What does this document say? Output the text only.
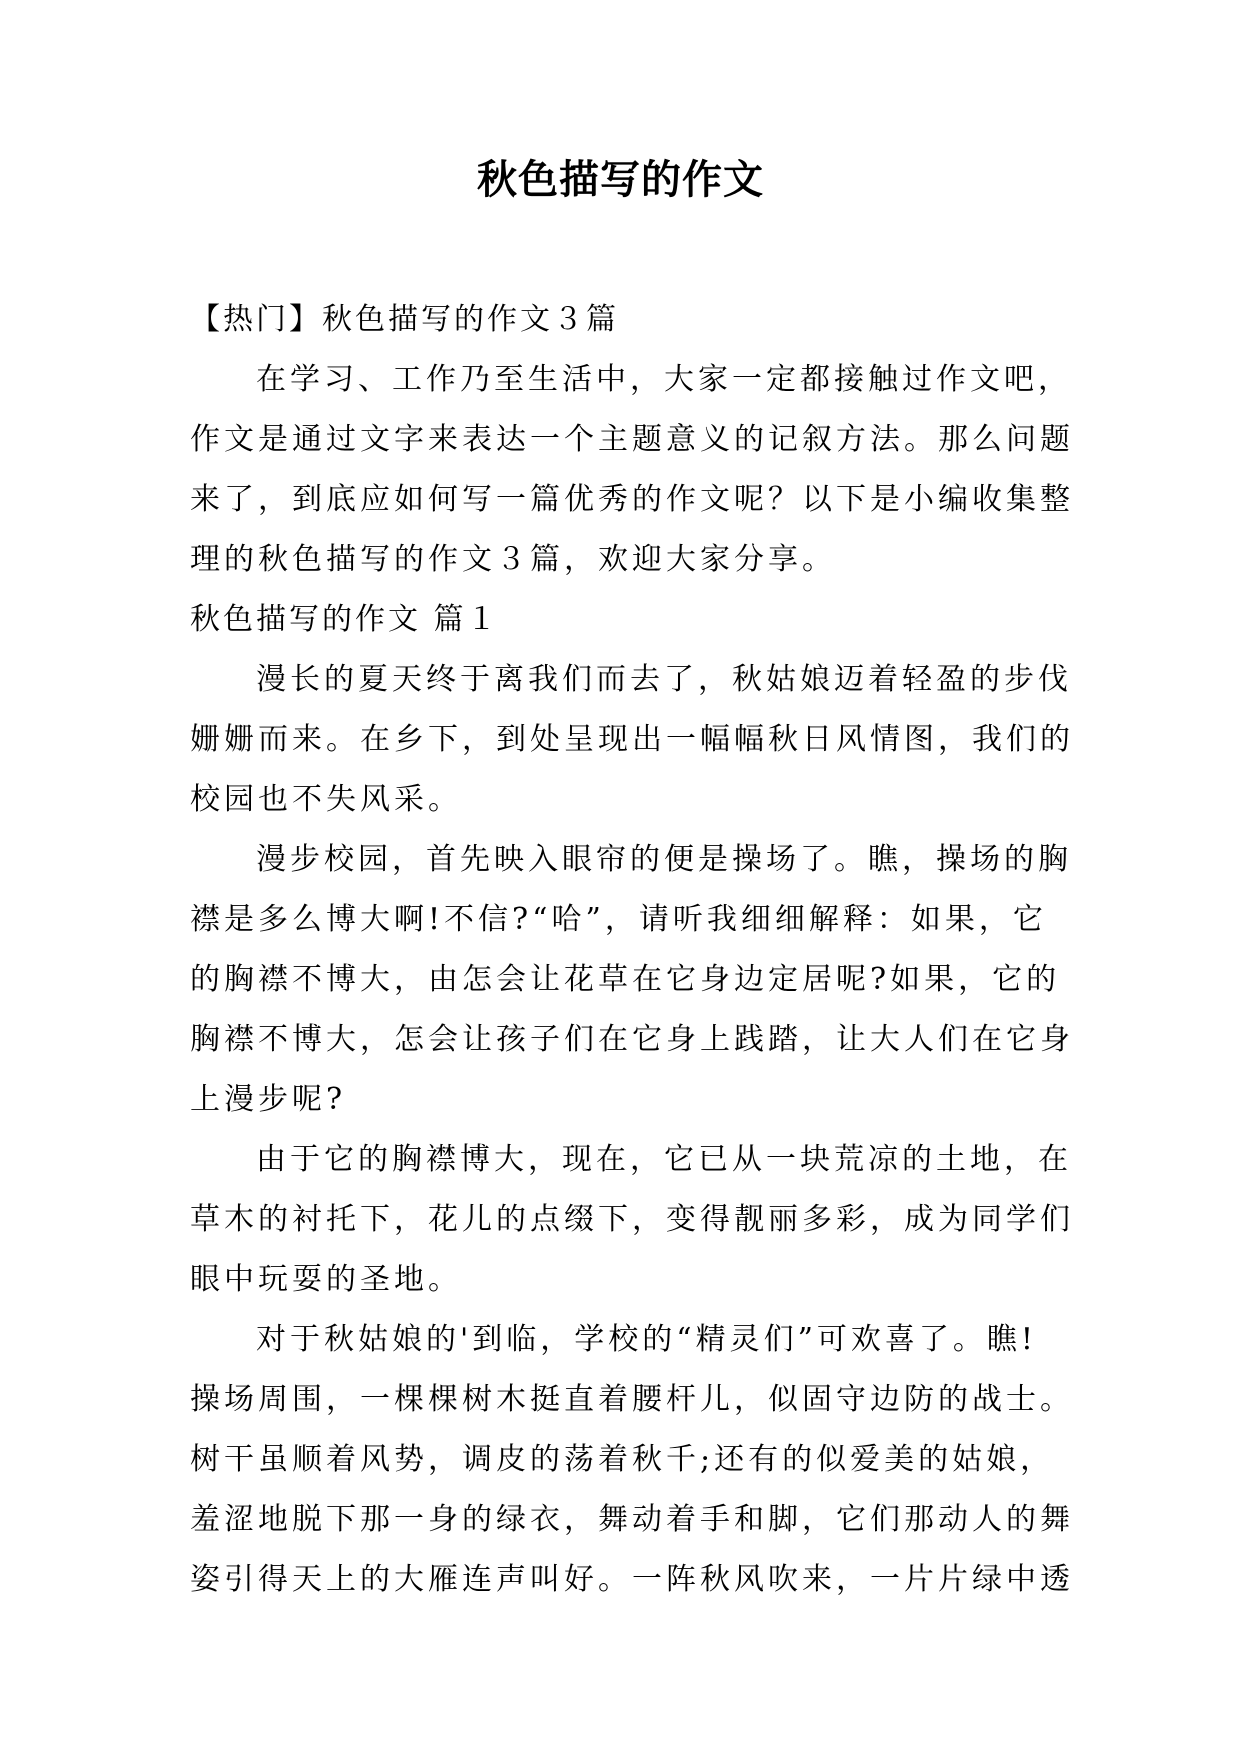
秋色描写的作文
【热门】秋色描写的作文３篇
在学习、工作乃至生活中，大家一定都接触过作文吧，
作文是通过文字来表达一个主题意义的记叙方法。那么问题
来了，到底应如何写一篇优秀的作文呢？以下是小编收集整
理的秋色描写的作文３篇，欢迎大家分享。
秋色描写的作文 篇１
漫长的夏天终于离我们而去了，秋姑娘迈着轻盈的步伐
姗姗而来。在乡下，到处呈现出一幅幅秋日风情图，我们的
校园也不失风采。
漫步校园，首先映入眼帘的便是操场了。瞧，操场的胸
襟是多么博大啊!不信?“哈”，请听我细细解释：如果，它
的胸襟不博大，由怎会让花草在它身边定居呢?如果，它的
胸襟不博大，怎会让孩子们在它身上践踏，让大人们在它身
上漫步呢?
由于它的胸襟博大，现在，它已从一块荒凉的土地，在
草木的衬托下，花儿的点缀下，变得靓丽多彩，成为同学们
眼中玩耍的圣地。
对于秋姑娘的'到临，学校的“精灵们”可欢喜了。瞧!
操场周围，一棵棵树木挺直着腰杆儿，似固守边防的战士。
树干虽顺着风势，调皮的荡着秋千;还有的似爱美的姑娘，
羞涩地脱下那一身的绿衣，舞动着手和脚，它们那动人的舞
姿引得天上的大雁连声叫好。一阵秋风吹来，一片片绿中透
